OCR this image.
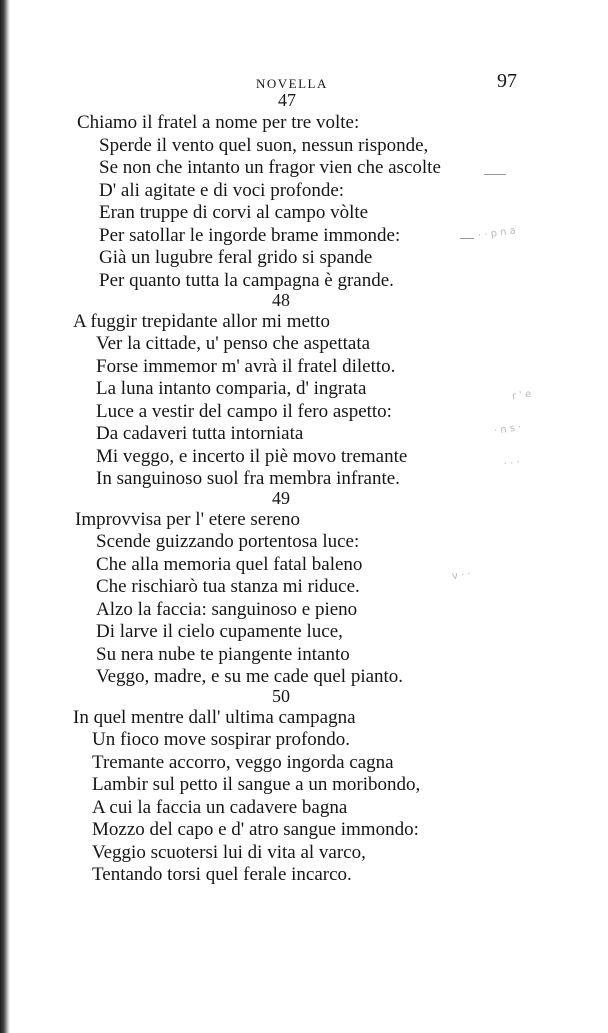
NOVELLA	97
47
Chiamo il fratel a nome per tre volte:
Sperde il vento quel suon, nessun risponde,
Se non che intanto un fragor vien che ascolte
D' ali agitate e di voci profonde:
Eran truppe di corvi al campo vòlte
Per satollar le ingorde brame immonde:
Già un lugubre feral grido si spande
Per quanto tutta la campagna è grande.
48
A fuggir trepidante allor mi metto
Ver la cittade, u' penso che aspettata
Forse immemor m' avrà il fratel diletto.
La luna intanto comparia, d' ingrata
Luce a vestir del campo il fero aspetto:
Da cadaveri tutta intorniata
Mi veggo, e incerto il piè movo tremante
In sanguinoso suol fra membra infrante.
49
Improvvisa per l' etere sereno
Scende guizzando portentosa luce:
Che alla memoria quel fatal baleno
Che rischiarò tua stanza mi riduce.
Alzo la faccia: sanguinoso e pieno
Di larve il cielo cupamente luce,
Su nera nube te piangente intanto
Veggo, madre, e su me cade quel pianto.
50
In quel mentre dall' ultima campagna
Un fioco move sospirar profondo.
Tremante accorro, veggo ingorda cagna
Lambir sul petto il sangue a un moribondo,
A cui la faccia un cadavere bagna
Mozzo del capo e d' atro sangue immondo:
Veggio scuotersi lui di vita al varco,
Tentando torsi quel ferale incarco.
· · p n a
r ' e
· n s ·
· · ·
v · ·
